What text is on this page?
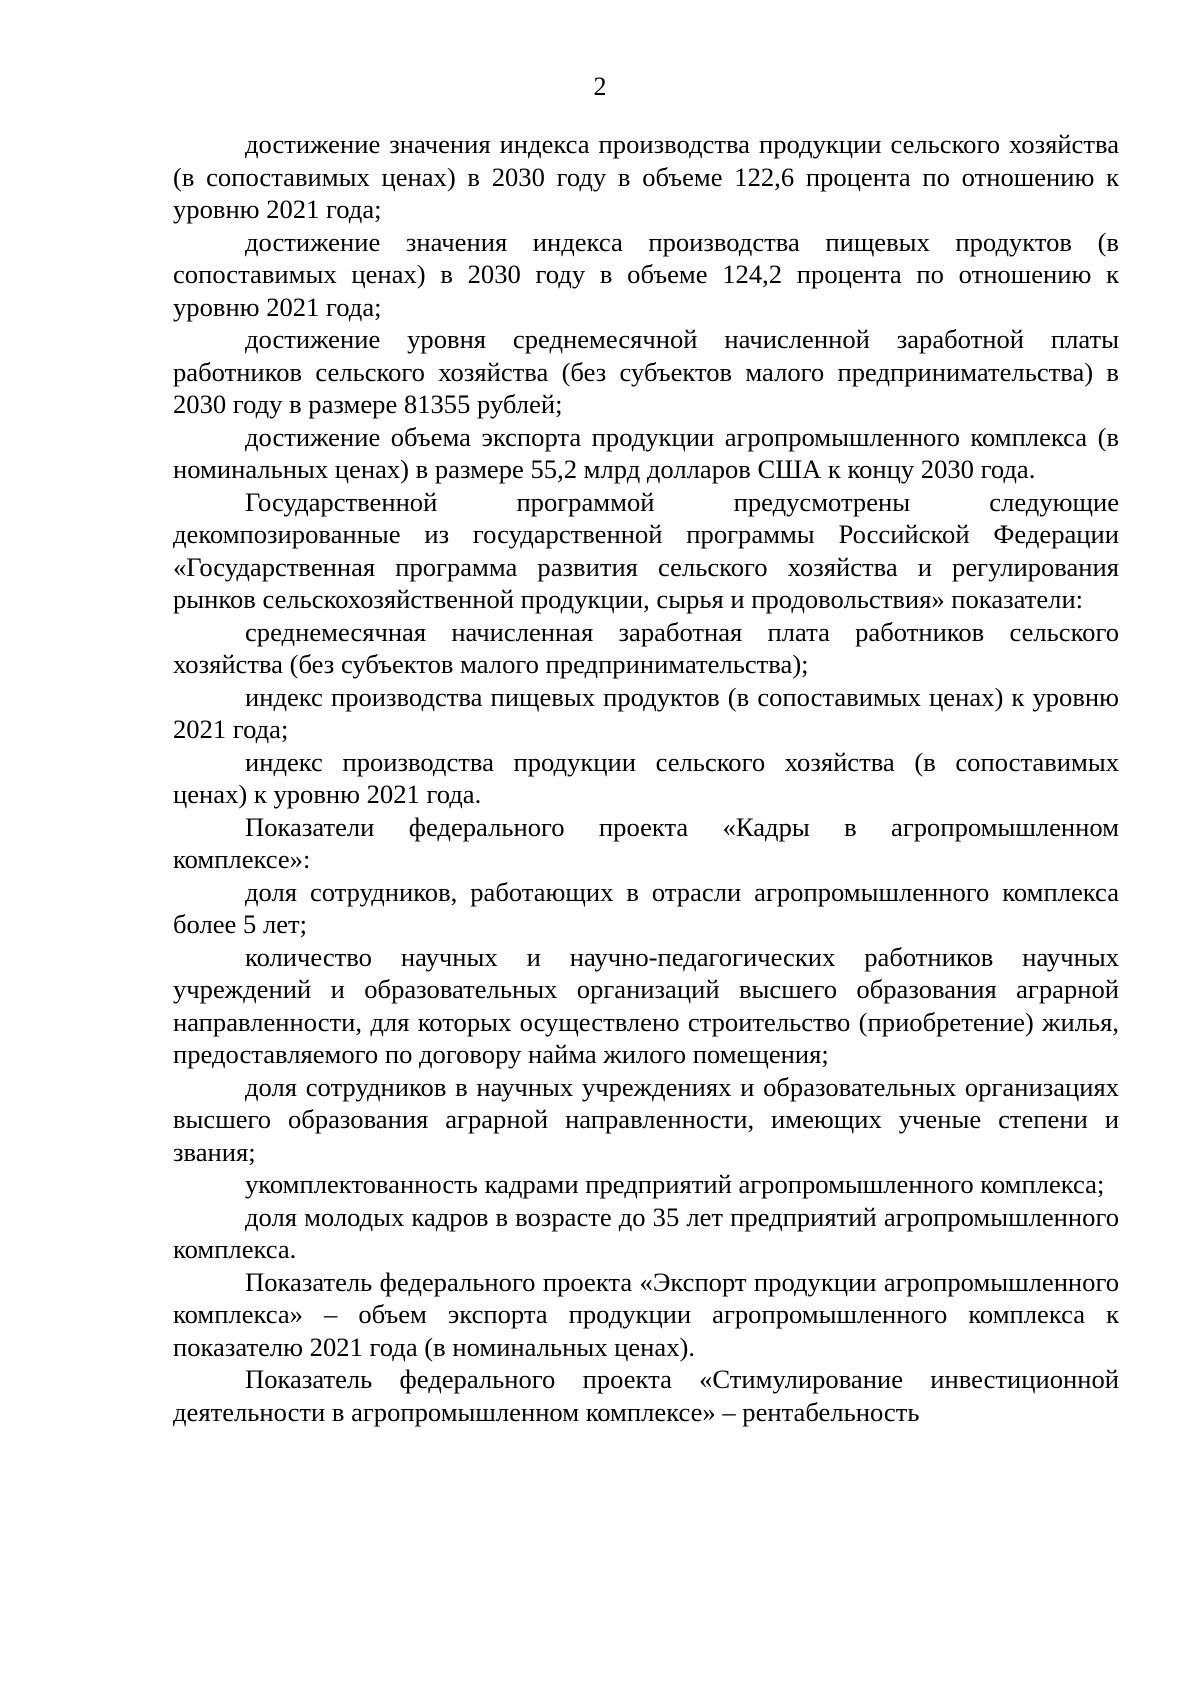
2

достижение значения индекса производства продукции сельского хозяйства (в сопоставимых ценах) в 2030 году в объеме 122,6 процента по отношению к уровню 2021 года;

достижение значения индекса производства пищевых продуктов (в сопоставимых ценах) в 2030 году в объеме 124,2 процента по отношению к уровню 2021 года;

достижение уровня среднемесячной начисленной заработной платы работников сельского хозяйства (без субъектов малого предпринимательства) в 2030 году в размере 81355 рублей;

достижение объема экспорта продукции агропромышленного комплекса (в номинальных ценах) в размере 55,2 млрд долларов США к концу 2030 года.

Государственной программой предусмотрены следующие декомпозированные из государственной программы Российской Федерации «Государственная программа развития сельского хозяйства и регулирования рынков сельскохозяйственной продукции, сырья и продовольствия» показатели:

среднемесячная начисленная заработная плата работников сельского хозяйства (без субъектов малого предпринимательства);

индекс производства пищевых продуктов (в сопоставимых ценах) к уровню 2021 года;

индекс производства продукции сельского хозяйства (в сопоставимых ценах) к уровню 2021 года.

Показатели федерального проекта «Кадры в агропромышленном комплексе»:

доля сотрудников, работающих в отрасли агропромышленного комплекса более 5 лет;

количество научных и научно-педагогических работников научных учреждений и образовательных организаций высшего образования аграрной направленности, для которых осуществлено строительство (приобретение) жилья, предоставляемого по договору найма жилого помещения;

доля сотрудников в научных учреждениях и образовательных организациях высшего образования аграрной направленности, имеющих ученые степени и звания;

укомплектованность кадрами предприятий агропромышленного комплекса;

доля молодых кадров в возрасте до 35 лет предприятий агропромышленного комплекса.

Показатель федерального проекта «Экспорт продукции агропромышленного комплекса» – объем экспорта продукции агропромышленного комплекса к показателю 2021 года (в номинальных ценах).

Показатель федерального проекта «Стимулирование инвестиционной деятельности в агропромышленном комплексе» – рентабельность
